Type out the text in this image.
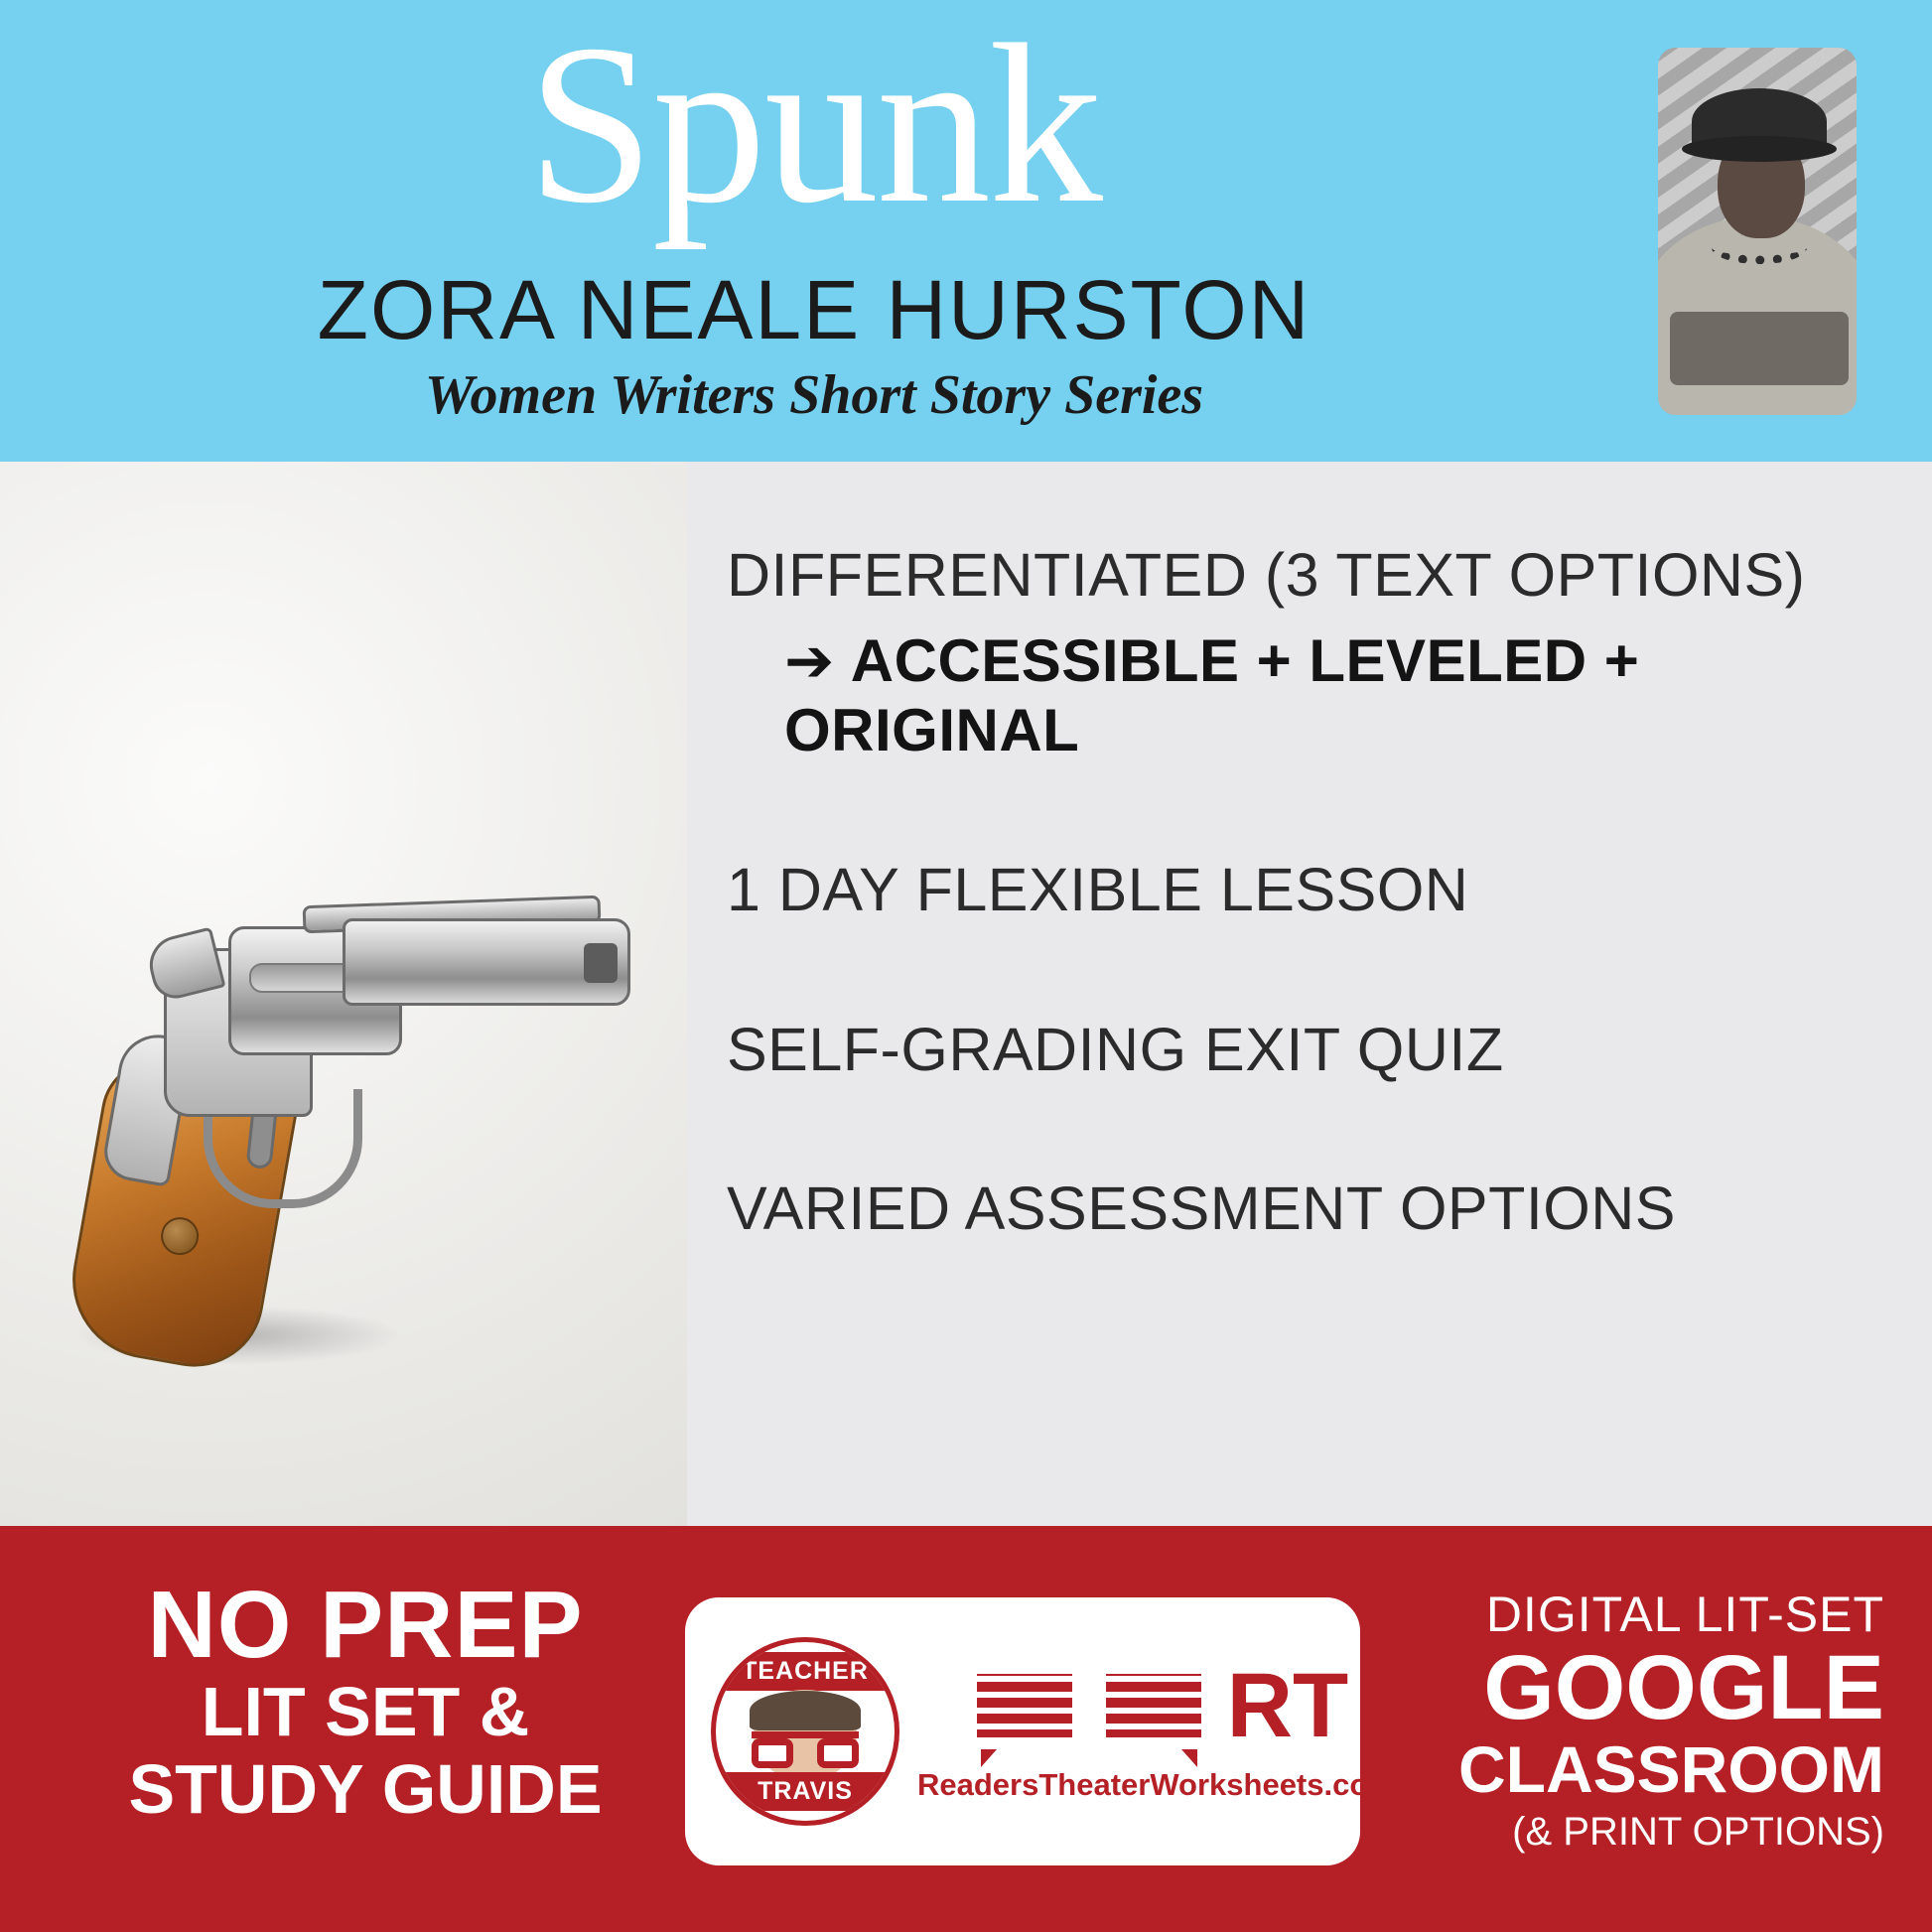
Spunk
ZORA NEALE HURSTON
Women Writers Short Story Series
DIFFERENTIATED (3 TEXT OPTIONS)
➔ ACCESSIBLE + LEVELED + ORIGINAL
1 DAY FLEXIBLE LESSON
SELF-GRADING EXIT QUIZ
VARIED ASSESSMENT OPTIONS
NO PREP
LIT SET &
STUDY GUIDE
TEACHER
TRAVIS
RT
ReadersTheaterWorksheets.com
DIGITAL LIT-SET
GOOGLE
CLASSROOM
(& PRINT OPTIONS)
